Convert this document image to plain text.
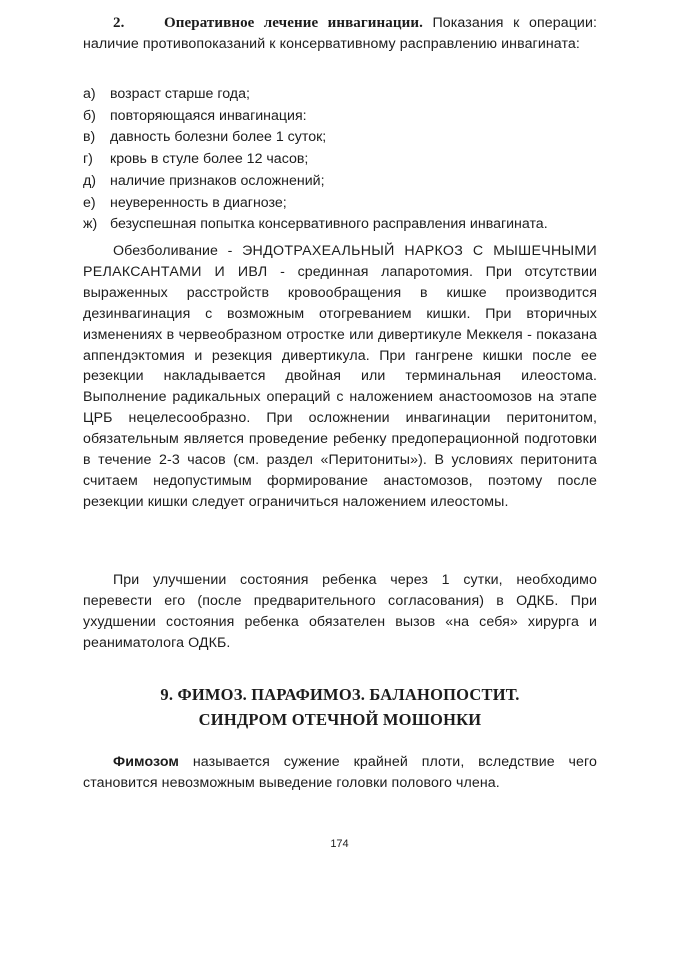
2.	Оперативное лечение инвагинации. Показания к операции: наличие противопоказаний к консервативному расправлению инвагината:
а)	возраст старше года;
б) повторяющаяся инвагинация:
в)	давность болезни более 1 суток;
г)	кровь в стуле более 12 часов;
д) наличие признаков осложнений;
е)	неуверенность в диагнозе;
ж) безуспешная попытка консервативного расправления инвагината.
Обезболивание - ЭНДОТРАХЕАЛЬНЫЙ НАРКОЗ С МЫШЕЧНЫМИ РЕЛАКСАНТАМИ И ИВЛ - срединная лапаротомия. При отсутствии выраженных расстройств кровообращения в кишке производится дезинвагинация с возможным отогреванием кишки. При вторичных изменениях в червеобразном отростке или дивертикуле Меккеля - показана аппендэктомия и резекция дивертикула. При гангрене кишки после ее резекции накладывается двойная или терминальная илеостома. Выполнение радикальных операций с наложением анастоомозов на этапе ЦРБ нецелесообразно. При осложнении инвагинации перитонитом, обязательным является проведение ребенку предоперационной подготовки в течение 2-3 часов (см. раздел «Перитониты»). В условиях перитонита считаем недопустимым формирование анастомозов, поэтому после резекции кишки следует ограничиться наложением илеостомы.
При улучшении состояния ребенка через 1 сутки, необходимо перевести его (после предварительного согласования) в ОДКБ. При ухудшении состояния ребенка обязателен вызов «на себя» хирурга и реаниматолога ОДКБ.
9. ФИМОЗ. ПАРАФИМОЗ. БАЛАНОПОСТИТ.
СИНДРОМ ОТЕЧНОЙ МОШОНКИ
Фимозом называется сужение крайней плоти, вследствие чего становится невозможным выведение головки полового члена.
174
